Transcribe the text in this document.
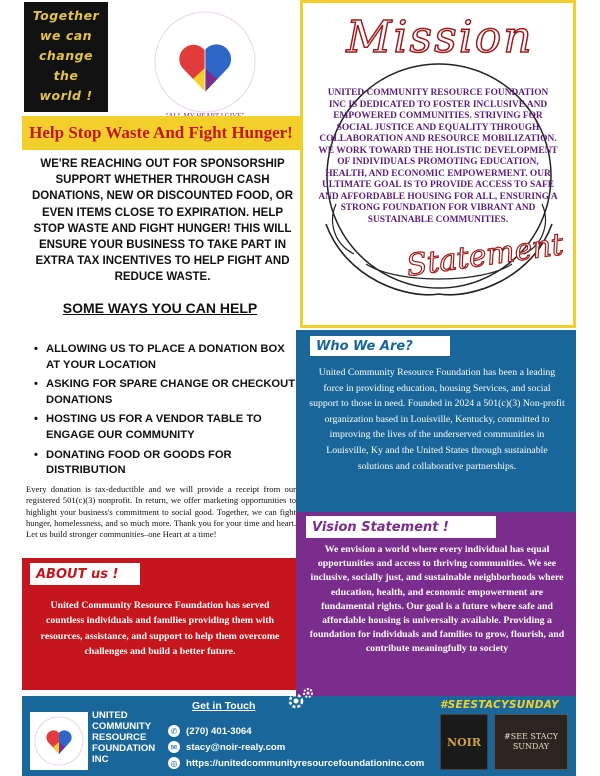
Together
we can
change
the
world !
Help Stop Waste And Fight Hunger!
WE'RE REACHING OUT FOR SPONSORSHIP SUPPORT WHETHER THROUGH CASH DONATIONS, NEW OR DISCOUNTED FOOD, OR EVEN ITEMS CLOSE TO EXPIRATION. HELP STOP WASTE AND FIGHT HUNGER! THIS WILL ENSURE YOUR BUSINESS TO TAKE PART IN EXTRA TAX INCENTIVES TO HELP FIGHT AND REDUCE WASTE.
SOME WAYS YOU CAN HELP
• ALLOWING US TO PLACE A DONATION BOX AT YOUR LOCATION
• ASKING FOR SPARE CHANGE OR CHECKOUT DONATIONS
• HOSTING US FOR A VENDOR TABLE TO ENGAGE OUR COMMUNITY
• DONATING FOOD OR GOODS FOR DISTRIBUTION
Every donation is tax-deductible and we will provide a receipt from our registered 501(c)(3) nonprofit. In return, we offer marketing opportunities to highlight your business's commitment to social good. Together, we can fight hunger, homelessness, and so much more. Thank you for your time and heart. Let us build stronger communities–one Heart at a time!
Mission
UNITED COMMUNITY RESOURCE FOUNDATION INC IS DEDICATED TO FOSTER INCLUSIVE AND EMPOWERED COMMUNITIES. STRIVING FOR SOCIAL JUSTICE AND EQUALITY THROUGH COLLABORATION AND RESOURCE MOBILIZATION. WE WORK TOWARD THE HOLISTIC DEVELOPMENT OF INDIVIDUALS PROMOTING EDUCATION, HEALTH, AND ECONOMIC EMPOWERMENT. OUR ULTIMATE GOAL IS TO PROVIDE ACCESS TO SAFE AND AFFORDABLE HOUSING FOR ALL, ENSURING A STRONG FOUNDATION FOR VIBRANT AND SUSTAINABLE COMMUNITIES.
Statement
Who We Are?
United Community Resource Foundation has been a leading force in providing education, housing Services, and social support to those in need. Founded in 2024 a 501(c)(3) Non-profit organization based in Louisville, Kentucky, committed to improving the lives of the underserved communities in Louisville, Ky and the United States through sustainable solutions and collaborative partnerships.
Vision Statement !
We envision a world where every individual has equal opportunities and access to thriving communities. We see inclusive, socially just, and sustainable neighborhoods where education, health, and economic empowerment are fundamental rights. Our goal is a future where safe and affordable housing is universally available. Providing a foundation for individuals and families to grow, flourish, and contribute meaningfully to society
ABOUT us !
United Community Resource Foundation has served countless individuals and families providing them with resources, assistance, and support to help them overcome challenges and build a better future.
UNITED COMMUNITY RESOURCE FOUNDATION INC
Get in Touch
✆ (270) 401-3064
✉ stacy@noir-realy.com
◎ https://unitedcommunityresourcefoundationinc.com
#SEESTACYSUNDAY
NOIR	#SEE STACY SUNDAY
